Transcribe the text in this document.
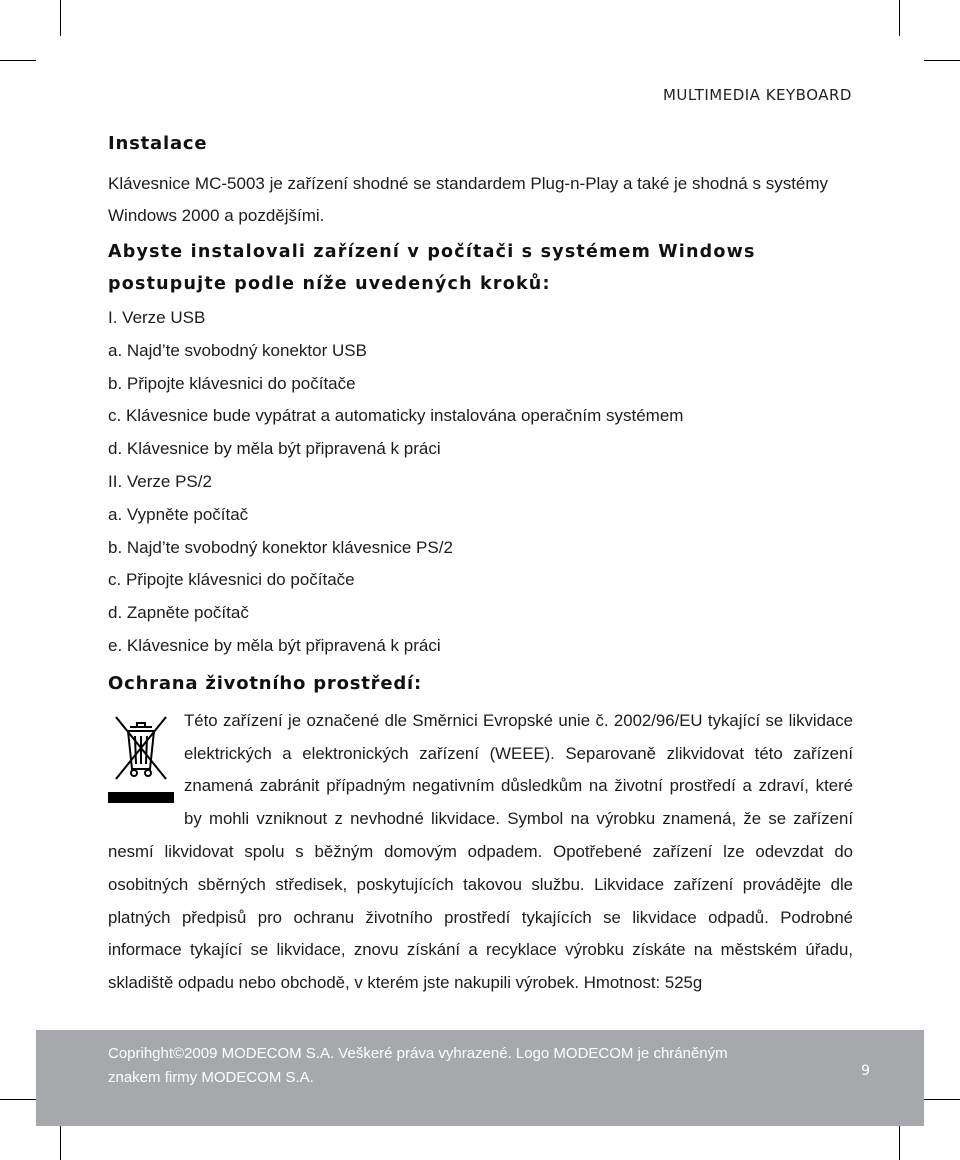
MULTIMEDIA KEYBOARD
Instalace

Klávesnice MC-5003 je zařízení shodné se standardem Plug-n-Play a také je shodná s systémy Windows 2000 a pozdějšími.

Abyste instalovali zařízení v počítači s systémem Windows postupujte podle níže uvedených kroků:
I. Verze USB
a. Najd’te svobodný konektor USB
b. Připojte klávesnici do počítače
c. Klávesnice bude vypátrat a automaticky instalována operačním systémem
d. Klávesnice by měla být připravená k práci
II. Verze PS/2
a. Vypněte počítač
b. Najd’te svobodný konektor klávesnice PS/2
c. Připojte klávesnici do počítače
d. Zapněte počítač
e. Klávesnice by měla být připravená k práci
Ochrana životního prostředí:

Této zařízení je označené dle Směrnici Evropské unie č. 2002/96/EU tykající se likvidace elektrických a elektronických zařízení (WEEE). Separovaně zlikvidovat této zařízení znamená zabránit případným negativním důsledkům na životní prostředí a zdraví, které by mohli vzniknout z nevhodné likvidace. Symbol na výrobku znamená, že se zařízení nesmí likvidovat spolu s běžným domovým odpadem. Opotřebené zařízení lze odevzdat do osobitných sběrných středisek, poskytujících takovou službu. Likvidace zařízení provádějte dle platných předpisů pro ochranu životního prostředí tykajících se likvidace odpadů. Podrobné informace tykající se likvidace, znovu získání a recyklace výrobku získáte na městském úřadu, skladiště odpadu nebo obchodě, v kterém jste nakupili výrobek. Hmotnost: 525g

Coprihght©2009 MODECOM S.A. Veškeré práva vyhrazené. Logo MODECOM je chráněným znakem firmy MODECOM S.A.	9
